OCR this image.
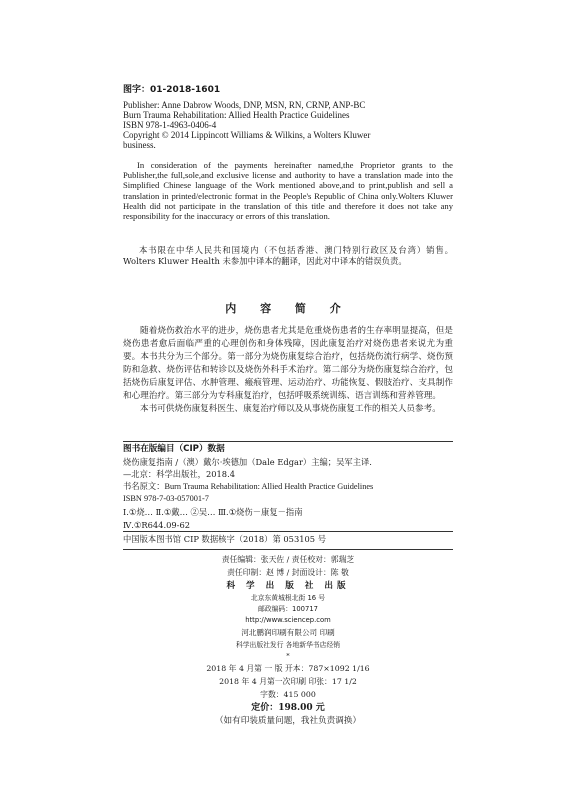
图字：01-2018-1601
Publisher: Anne Dabrow Woods, DNP, MSN, RN, CRNP, ANP-BC
Burn Trauma Rehabilitation: Allied Health Practice Guidelines
ISBN 978-1-4963-0406-4
Copyright © 2014 Lippincott Williams & Wilkins, a Wolters Kluwer
business.
In consideration of the payments hereinafter named,the Proprietor grants to the Publisher,the full,sole,and exclusive license and authority to have a translation made into the Simplified Chinese language of the Work mentioned above,and to print,publish and sell a translation in printed/electronic format in the People's Republic of China only.Wolters Kluwer Health did not participate in the translation of this title and therefore it does not take any responsibility for the inaccuracy or errors of this translation.
本书限在中华人民共和国境内（不包括香港、澳门特别行政区及台湾）销售。Wolters Kluwer Health 未参加中译本的翻译，因此对中译本的错误负责。
内 容 简 介

随着烧伤救治水平的进步，烧伤患者尤其是危重烧伤患者的生存率明显提高，但是烧伤患者愈后面临严重的心理创伤和身体残障，因此康复治疗对烧伤患者来说尤为重要。本书共分为三个部分。第一部分为烧伤康复综合治疗，包括烧伤流行病学、烧伤预防和急救、烧伤评估和转诊以及烧伤外科手术治疗。第二部分为烧伤康复综合治疗，包括烧伤后康复评估、水肿管理、瘢痕管理、运动治疗、功能恢复、假肢治疗、支具制作和心理治疗。第三部分为专科康复治疗，包括呼吸系统训练、语言训练和营养管理。

本书可供烧伤康复科医生、康复治疗师以及从事烧伤康复工作的相关人员参考。

图书在版编目（CIP）数据
烧伤康复指南 /（澳）戴尔·埃德加（Dale Edgar）主编；吴军主译.
—北京：科学出版社，2018.4
书名原文：Burn Trauma Rehabilitation: Allied Health Practice Guidelines
ISBN 978-7-03-057001-7
Ⅰ.①烧… Ⅱ.①戴… ②吴… Ⅲ.①烧伤－康复－指南
Ⅳ.①R644.09-62
中国版本图书馆 CIP 数据核字（2018）第 053105 号
责任编辑：张天佐 / 责任校对：郭瑞芝
责任印制：赵 博 / 封面设计：陈 敬
科 学 出 版 社 出版
北京东黄城根北街 16 号
邮政编码：100717
http://www.sciencep.com
河北鹏润印刷有限公司 印刷
科学出版社发行 各地新华书店经销
*
2018 年 4 月第 一 版 开本：787×1092 1/16
2018 年 4 月第一次印刷 印张：17 1/2
字数：415 000
定价：198.00 元
（如有印装质量问题，我社负责调换）
